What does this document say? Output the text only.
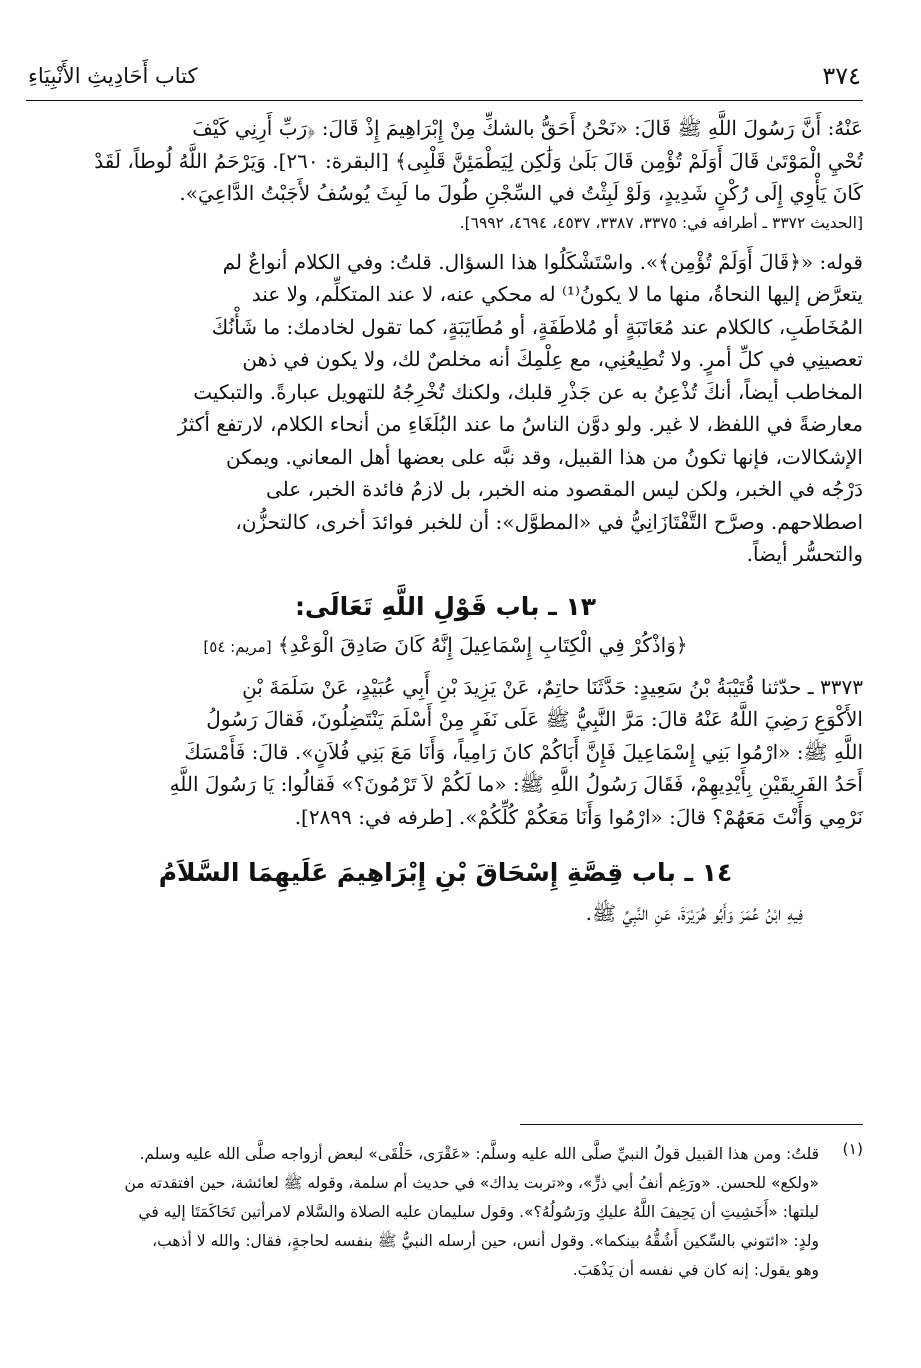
٣٧٤
كتاب أَحَادِيثِ الأَنْبِيَاءِ
عَنْهُ: أَنَّ رَسُولَ اللَّهِ ﷺ قَالَ: «نَحْنُ أَحَقُّ بالشكِّ مِنْ إِبْرَاهِيمَ إِذْ قَالَ: ﴿رَبِّ أَرِنِي كَيْفَ
تُحْيِ الْمَوْتَىٰ قَالَ أَوَلَمْ تُؤْمِن قَالَ بَلَىٰ وَلَٰكِن لِيَطْمَئِنَّ قَلْبِى﴾ [البقرة: ٢٦٠]. وَيَرْحَمُ اللَّهُ لُوطاً، لَقَدْ
كَانَ يَأْوِي إِلَى رُكْنٍ شَدِيدٍ، وَلَوْ لَبِثْتُ في السِّجْنِ طُولَ ما لَبِثَ يُوسُفُ لأَجَبْتُ الدَّاعِيَ».
[الحديث ٣٣٧٢ ـ أطرافه في: ٣٣٧٥، ٣٣٨٧، ٤٥٣٧، ٤٦٩٤، ٦٩٩٢].
قوله: «﴿قَالَ أَوَلَمْ تُؤْمِن﴾». واسْتَشْكَلُوا هذا السؤال. قلتُ: وفي الكلام أنواعٌ لم
يتعرَّض إليها النحاةُ، منها ما لا يكونُ⁽¹⁾ له محكي عنه، لا عند المتكلِّم، ولا عند
المُخَاطَبِ، كالكلام عند مُعَاتَبَةٍ أو مُلاطَفَةٍ، أو مُطَايَبَةٍ، كما تقول لخادمك: ما شَأْنُكَ
تعصينِي في كلِّ أمرٍ. ولا تُطِيعُنِي، مع عِلْمِكَ أنه مخلصٌ لك، ولا يكون في ذهن
المخاطب أيضاً، أنكَ تُذْعِنُ به عن جَذْرِ قلبك، ولكنك تُخْرِجُهُ للتهويل عبارةً. والتبكيت
معارضةً في اللفظ، لا غير. ولو دوَّن الناسُ ما عند البُلَغَاءِ من أنحاء الكلام، لارتفع أكثرُ
الإشكالات، فإنها تكونُ من هذا القبيل، وقد نبَّه على بعضها أهل المعاني. ويمكن
دَرْجُه في الخبر، ولكن ليس المقصود منه الخبر، بل لازمُ فائدة الخبر، على
اصطلاحهم. وصرَّح التَّفْتَازَانِيُّ في «المطوَّل»: أن للخبر فوائدَ أخرى، كالتحزُّن،
والتحسُّر أيضاً.
١٣ ـ باب قَوْلِ اللَّهِ تَعَالَى:
﴿وَاذْكُرْ فِي الْكِتَابِ إِسْمَاعِيلَ إِنَّهُ كَانَ صَادِقَ الْوَعْدِ﴾ [مريم: ٥٤]
٣٣٧٣ ـ حدّثنا قُتَيْبَةُ بْنُ سَعِيدٍ: حَدَّثَنَا حاتِمٌ، عَنْ يَزِيدَ بْنِ أَبِي عُبَيْدٍ، عَنْ سَلَمَةَ بْنِ
الأَكْوَعِ رَضِيَ اللَّهُ عَنْهُ قالَ: مَرَّ النَّبِيُّ ﷺ عَلَى نَفَرٍ مِنْ أَسْلَمَ يَنْتَضِلُونَ، فَقالَ رَسُولُ
اللَّهِ ﷺ: «ارْمُوا بَنِي إِسْمَاعِيلَ فَإِنَّ أَبَاكُمْ كانَ رَامِياً، وَأَنَا مَعَ بَنِي فُلاَنٍ». قالَ: فَأَمْسَكَ
أَحَدُ الفَرِيقَيْنِ بِأَيْدِيهِمْ، فَقَالَ رَسُولُ اللَّهِ ﷺ: «ما لَكُمْ لاَ تَرْمُونَ؟» فَقالُوا: يَا رَسُولَ اللَّهِ
نَرْمِي وَأَنْتَ مَعَهُمْ؟ قالَ: «ارْمُوا وَأَنَا مَعَكُمْ كُلِّكُمْ». [طرفه في: ٢٨٩٩].
١٤ ـ باب قِصَّةِ إِسْحَاقَ بْنِ إِبْرَاهِيمَ عَلَيهِمَا السَّلاَمُ
فِيهِ ابْنُ عُمَرَ وَأَبُو هُرَيْرَةَ، عَنِ النَّبِيِّ ﷺ.
(١)
قلتُ: ومن هذا القبيل قولُ النبيِّ صلَّى الله عليه وسلَّم: «عَقْرَى، حَلْقَى» لبعض أزواجه صلَّى الله عليه وسلم.
«ولكع» للحسن. «ورَغِم أنفُ أبي ذرٍّ»، و«تربت يداك» في حديث أم سلمة، وقوله ﷺ لعائشة، حين افتقدته من
ليلتها: «أَخَشِيتِ أن يَحِيفَ اللَّهُ عليكِ ورَسُولُهُ؟». وقول سليمان عليه الصلاة والسَّلام لامرأتين تَحَاكَمَتَا إليه في
ولدٍ: «ائتوني بالسِّكين أَشُقُّهُ بينكما». وقول أنس، حين أرسله النبيُّ ﷺ بنفسه لحاجةٍ، فقال: والله لا أذهب،
وهو يقول: إنه كان في نفسه أن يَذْهَبَ.
